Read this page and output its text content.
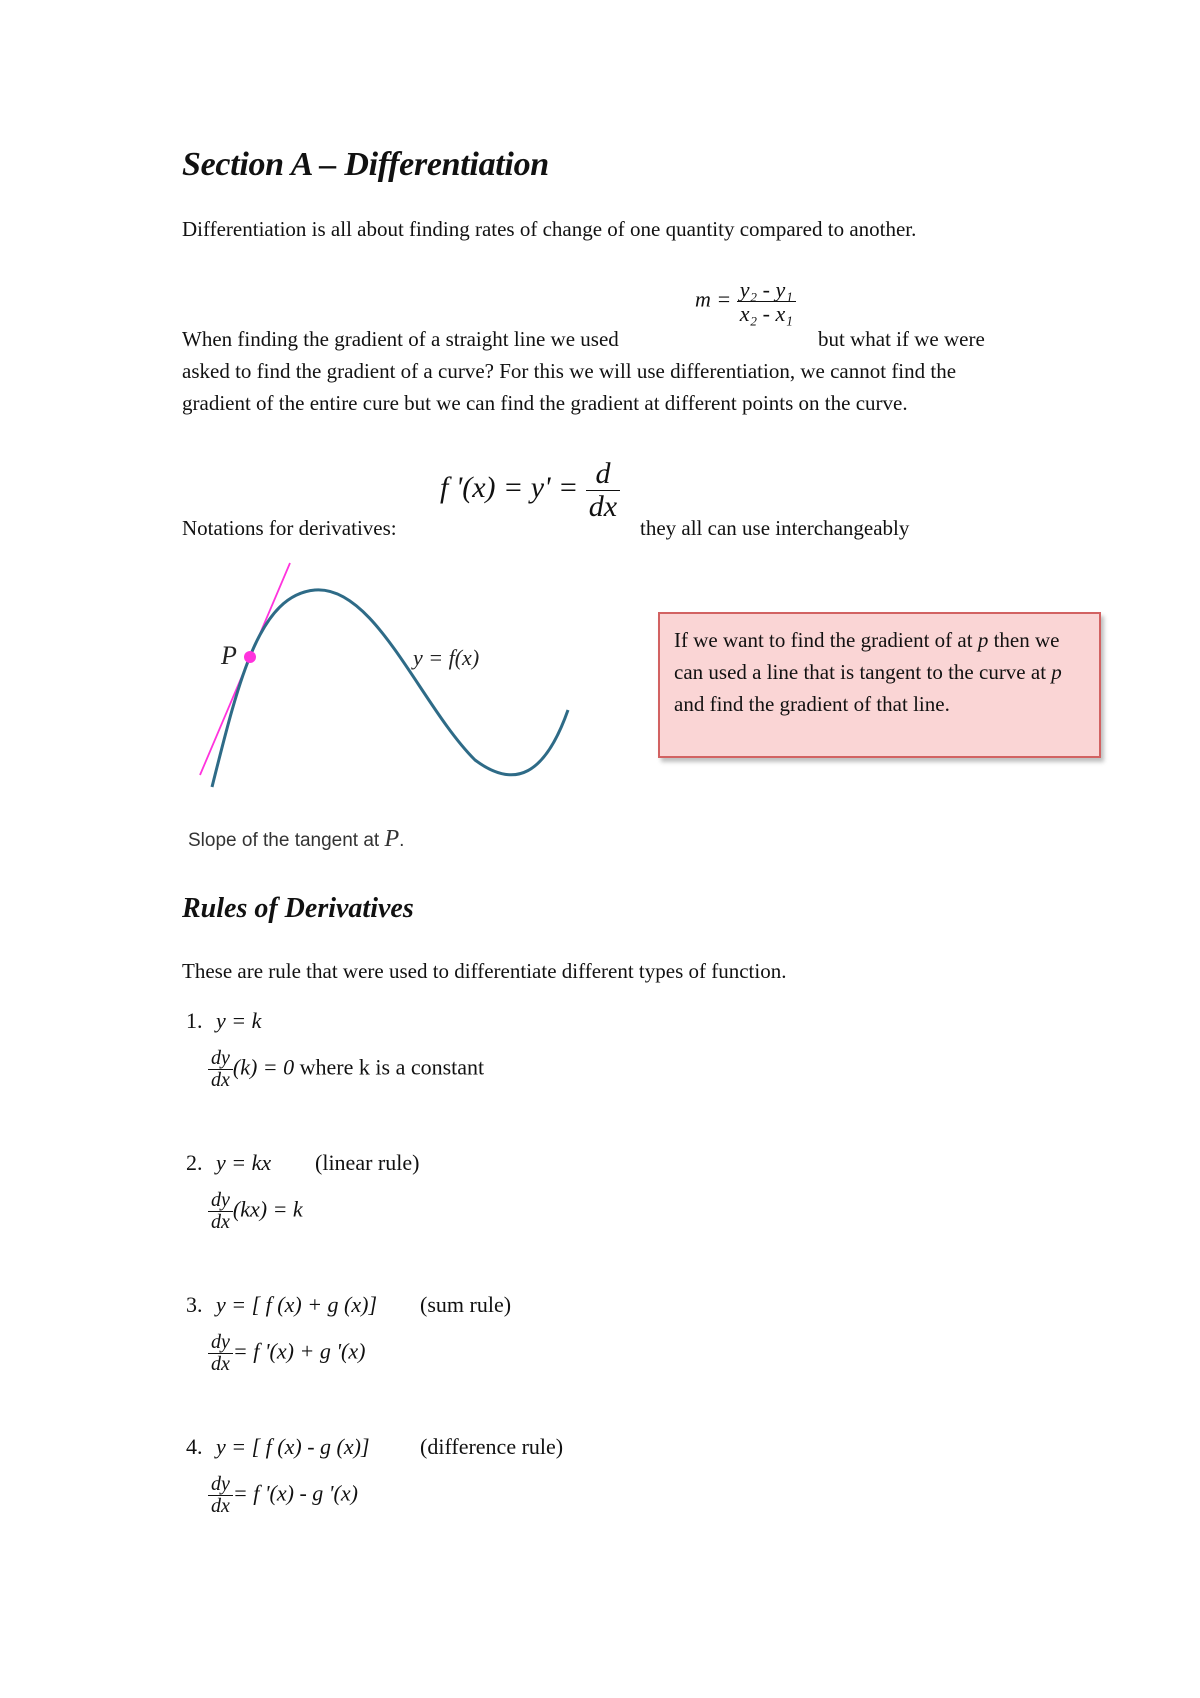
Section A – Differentiation
Differentiation is all about finding rates of change of one quantity compared to another.
$m = \frac{\text{y₂ - y₁}}{\text{x₂ - x₁}}$
When finding the gradient of a straight line we used	but what if we were
asked to find the gradient of a curve? For this we will use differentiation, we cannot find the gradient of the entire cure but we can find the gradient at different points on the curve.
Notations for derivatives:
f '$(x) = y' = \frac{d}{dx}$
they all can use interchangeably
P	y = f(x)
Slope of the tangent at P.
If we want to find the gradient of at p then we can used a line that is tangent to the curve at p and find the gradient of that line.
Rules of Derivatives
These are rule that were used to differentiate different types of function.
1. y = k
$\frac{dy}{dx} (k) = 0$ where k is a constant
2. y = kx (linear rule)
$\frac{dy}{dx} (kx) = k$
3. y = [ f (x) + g (x)] (sum rule)
$\frac{dy}{dx} = f$ '(x) + g '(x)
4. y = [ f (x) - g (x)] (difference rule)
$\frac{dy}{dx} = f$ '(x) - g '(x)
